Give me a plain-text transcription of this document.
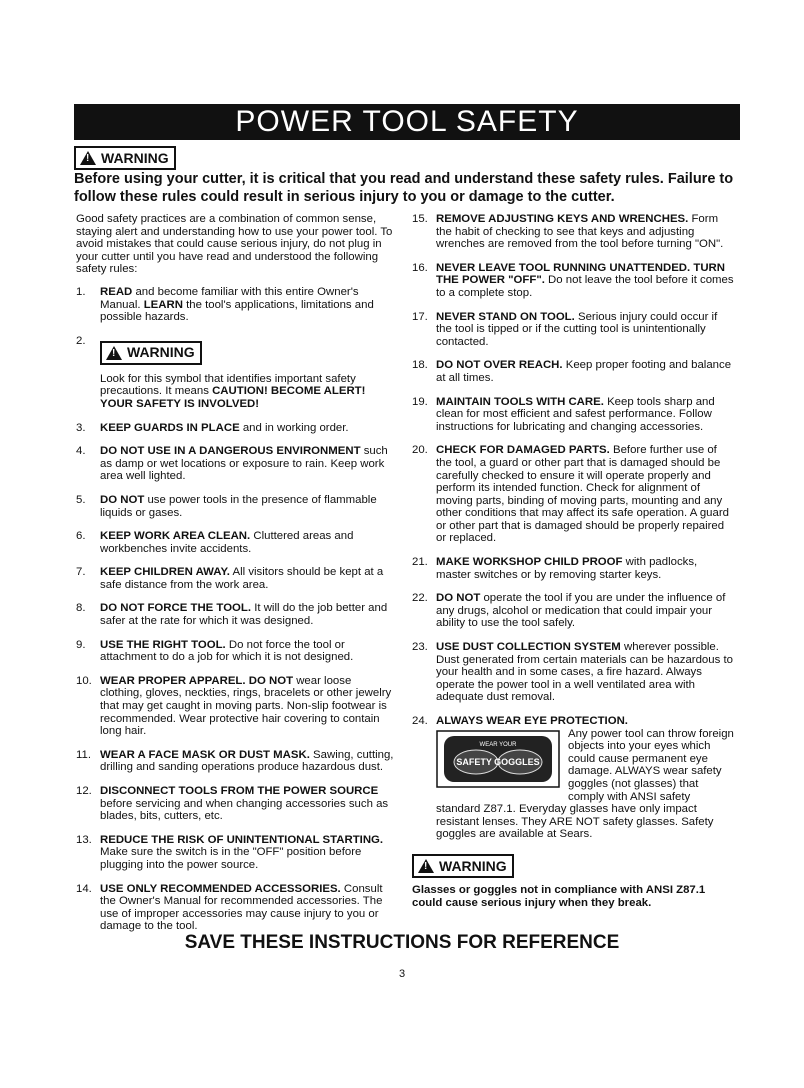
POWER TOOL SAFETY
! WARNING
Before using your cutter, it is critical that you read and understand these safety rules. Failure to follow these rules could result in serious injury to you or damage to the cutter.
Good safety practices are a combination of common sense, staying alert and understanding how to use your power tool. To avoid mistakes that could cause serious injury, do not plug in your cutter until you have read and understood the following safety rules:
1.	READ and become familiar with this entire Owner's Manual. LEARN the tool's applications, limitations and possible hazards.
2.
! WARNING
Look for this symbol that identifies important safety precautions. It means CAUTION! BECOME ALERT! YOUR SAFETY IS INVOLVED!
3.	KEEP GUARDS IN PLACE and in working order.
4.	DO NOT USE IN A DANGEROUS ENVIRONMENT such as damp or wet locations or exposure to rain. Keep work area well lighted.
5.	DO NOT use power tools in the presence of flammable liquids or gases.
6.	KEEP WORK AREA CLEAN. Cluttered areas and workbenches invite accidents.
7.	KEEP CHILDREN AWAY. All visitors should be kept at a safe distance from the work area.
8.	DO NOT FORCE THE TOOL. It will do the job better and safer at the rate for which it was designed.
9.	USE THE RIGHT TOOL. Do not force the tool or attachment to do a job for which it is not designed.
10. WEAR PROPER APPAREL. DO NOT wear loose clothing, gloves, neckties, rings, bracelets or other jewelry that may get caught in moving parts. Non-slip footwear is recommended. Wear protective hair covering to contain long hair.
11. WEAR A FACE MASK OR DUST MASK. Sawing, cutting, drilling and sanding operations produce hazardous dust.
12. DISCONNECT TOOLS FROM THE POWER SOURCE before servicing and when changing accessories such as blades, bits, cutters, etc.
13. REDUCE THE RISK OF UNINTENTIONAL STARTING. Make sure the switch is in the "OFF" position before plugging into the power source.
14. USE ONLY RECOMMENDED ACCESSORIES. Consult the Owner's Manual for recommended accessories. The use of improper accessories may cause injury to you or damage to the tool.
15. REMOVE ADJUSTING KEYS AND WRENCHES. Form the habit of checking to see that keys and adjusting wrenches are removed from the tool before turning "ON".
16. NEVER LEAVE TOOL RUNNING UNATTENDED. TURN THE POWER "OFF". Do not leave the tool before it comes to a complete stop.
17. NEVER STAND ON TOOL. Serious injury could occur if the tool is tipped or if the cutting tool is unintentionally contacted.
18. DO NOT OVER REACH. Keep proper footing and balance at all times.
19. MAINTAIN TOOLS WITH CARE. Keep tools sharp and clean for most efficient and safest performance. Follow instructions for lubricating and changing accessories.
20. CHECK FOR DAMAGED PARTS. Before further use of the tool, a guard or other part that is damaged should be carefully checked to ensure it will operate properly and perform its intended function. Check for alignment of moving parts, binding of moving parts, mounting and any other conditions that may affect its safe operation. A guard or other part that is damaged should be properly repaired or replaced.
21. MAKE WORKSHOP CHILD PROOF with padlocks, master switches or by removing starter keys.
22. DO NOT operate the tool if you are under the influence of any drugs, alcohol or medication that could impair your ability to use the tool safely.
23. USE DUST COLLECTION SYSTEM wherever possible. Dust generated from certain materials can be hazardous to your health and in some cases, a fire hazard. Always operate the power tool in a well ventilated area with adequate dust removal.
24. ALWAYS WEAR EYE PROTECTION.

WEAR YOUR
SAFETY GOGGLES
Any power tool can throw foreign objects into your eyes which could cause permanent eye damage. ALWAYS wear safety goggles (not glasses) that comply with ANSI safety standard Z87.1. Everyday glasses have only impact resistant lenses. They ARE NOT safety glasses. Safety goggles are available at Sears.
! WARNING
Glasses or goggles not in compliance with ANSI Z87.1 could cause serious injury when they break.
SAVE THESE INSTRUCTIONS FOR REFERENCE
3
